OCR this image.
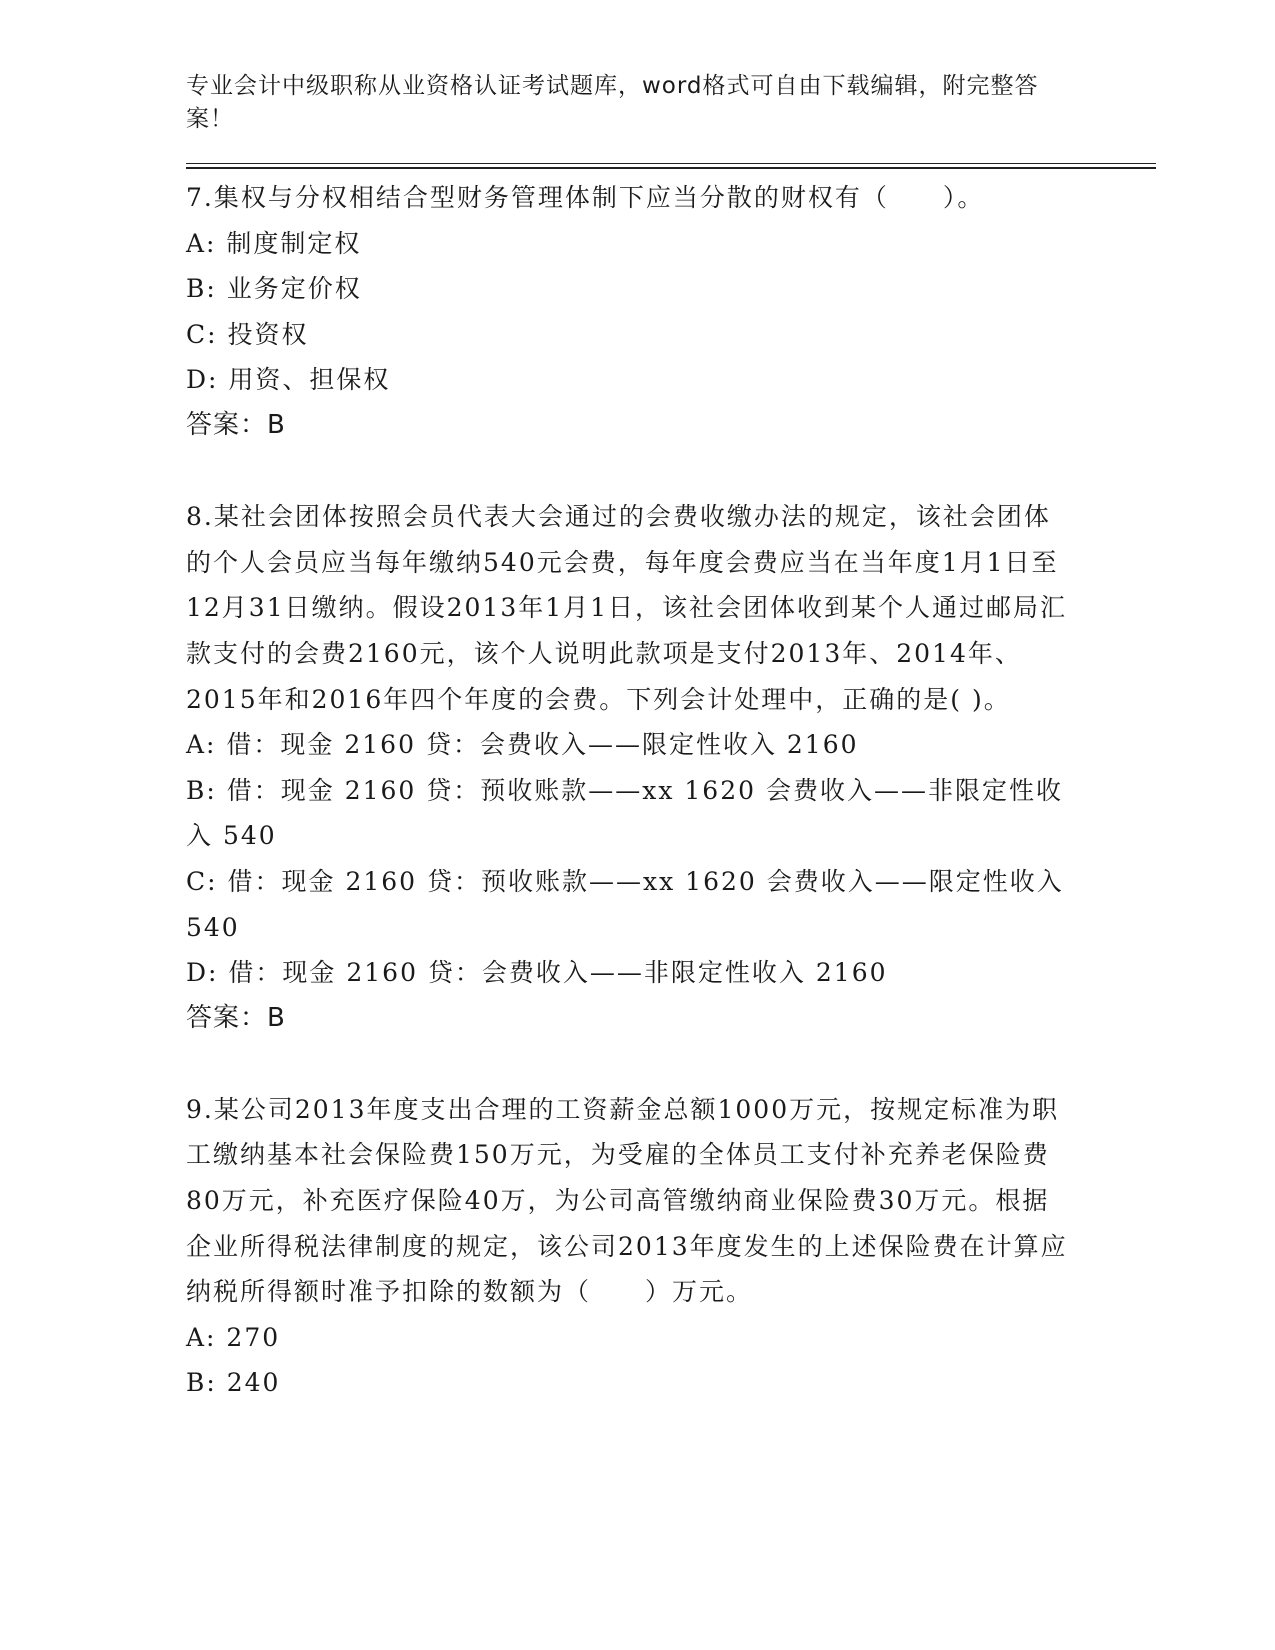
专业会计中级职称从业资格认证考试题库，word格式可自由下载编辑，附完整答案！

7.集权与分权相结合型财务管理体制下应当分散的财权有（　　）。

A: 制度制定权

B: 业务定价权

C: 投资权

D: 用资、担保权

答案：B

8.某社会团体按照会员代表大会通过的会费收缴办法的规定，该社会团体的个人会员应当每年缴纳540元会费，每年度会费应当在当年度1月1日至12月31日缴纳。假设2013年1月1日，该社会团体收到某个人通过邮局汇款支付的会费2160元，该个人说明此款项是支付2013年、2014年、2015年和2016年四个年度的会费。下列会计处理中，正确的是( )。

A: 借：现金 2160 贷：会费收入——限定性收入 2160

B: 借：现金 2160 贷：预收账款——xx 1620 会费收入——非限定性收入 540

C: 借：现金 2160 贷：预收账款——xx 1620 会费收入——限定性收入 540

D: 借：现金 2160 贷：会费收入——非限定性收入 2160

答案：B

9.某公司2013年度支出合理的工资薪金总额1000万元，按规定标准为职工缴纳基本社会保险费150万元，为受雇的全体员工支付补充养老保险费80万元，补充医疗保险40万，为公司高管缴纳商业保险费30万元。根据企业所得税法律制度的规定，该公司2013年度发生的上述保险费在计算应纳税所得额时准予扣除的数额为（　　）万元。

A: 270

B: 240
